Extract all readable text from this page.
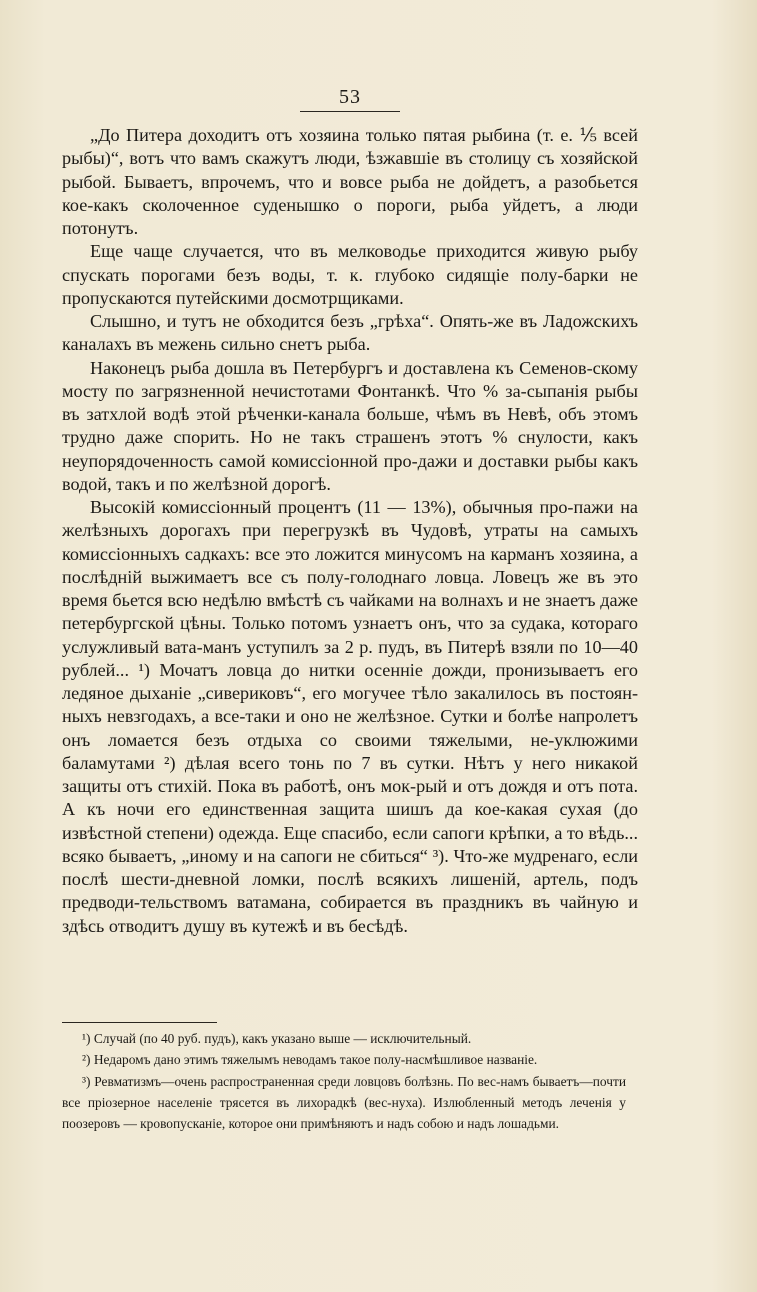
53

„До Питера доходитъ отъ хозяина только пятая рыбина (т. е. ⅕ всей рыбы)“, вотъ что вамъ скажутъ люди, ѣзжавшіе въ столицу съ хозяйской рыбой. Бываетъ, впрочемъ, что и вовсе рыба не дойдетъ, а разобьется кое-какъ сколоченное суденышко о пороги, рыба уйдетъ, а люди потонутъ.

Еще чаще случается, что въ мелководье приходится живую рыбу спускать порогами безъ воды, т. к. глубоко сидящіе полу-барки не пропускаются путейскими досмотрщиками.

Слышно, и тутъ не обходится безъ „грѣха“. Опять-же въ Ладожскихъ каналахъ въ межень сильно снетъ рыба.

Наконецъ рыба дошла въ Петербургъ и доставлена къ Семенов-скому мосту по загрязненной нечистотами Фонтанкѣ. Что % за-сыпанія рыбы въ затхлой водѣ этой рѣченки-канала больше, чѣмъ въ Невѣ, объ этомъ трудно даже спорить. Но не такъ страшенъ этотъ % снулости, какъ неупорядоченность самой комиссіонной про-дажи и доставки рыбы какъ водой, такъ и по желѣзной дорогѣ.

Высокій комиссіонный процентъ (11 — 13%), обычныя про-пажи на желѣзныхъ дорогахъ при перегрузкѣ въ Чудовѣ, утраты на самыхъ комиссіонныхъ садкахъ: все это ложится минусомъ на карманъ хозяина, а послѣдній выжимаетъ все съ полу-голоднаго ловца. Ловецъ же въ это время бьется всю недѣлю вмѣстѣ съ чайками на волнахъ и не знаетъ даже петербургской цѣны. Только потомъ узнаетъ онъ, что за судака, котораго услужливый вата-манъ уступилъ за 2 р. пудъ, въ Питерѣ взяли по 10—40 рублей... ¹) Мочатъ ловца до нитки осенніе дожди, пронизываетъ его ледяное дыханіе „сивериковъ“, его могучее тѣло закалилось въ постоян-ныхъ невзгодахъ, а все-таки и оно не желѣзное. Сутки и болѣе напролетъ онъ ломается безъ отдыха со своими тяжелыми, не-уклюжими баламутами ²) дѣлая всего тонь по 7 въ сутки. Нѣтъ у него никакой защиты отъ стихій. Пока въ работѣ, онъ мок-рый и отъ дождя и отъ пота. А къ ночи его единственная защита шишъ да кое-какая сухая (до извѣстной степени) одежда. Еще спасибо, если сапоги крѣпки, а то вѣдь... всяко бываетъ, „иному и на сапоги не сбиться“ ³). Что-же мудренаго, если послѣ шести-дневной ломки, послѣ всякихъ лишеній, артель, подъ предводи-тельствомъ ватамана, собирается въ праздникъ въ чайную и здѣсь отводитъ душу въ кутежѣ и въ бесѣдѣ.

¹) Случай (по 40 руб. пудъ), какъ указано выше — исключительный.

²) Недаромъ дано этимъ тяжелымъ неводамъ такое полу-насмѣшливое названіе.

³) Ревматизмъ—очень распространенная среди ловцовъ болѣзнь. По вес-намъ бываетъ—почти все пріозерное населеніе трясется въ лихорадкѣ (вес-нуха). Излюбленный методъ леченія у поозеровъ — кровопусканіе, которое они примѣняютъ и надъ собою и надъ лошадьми.
